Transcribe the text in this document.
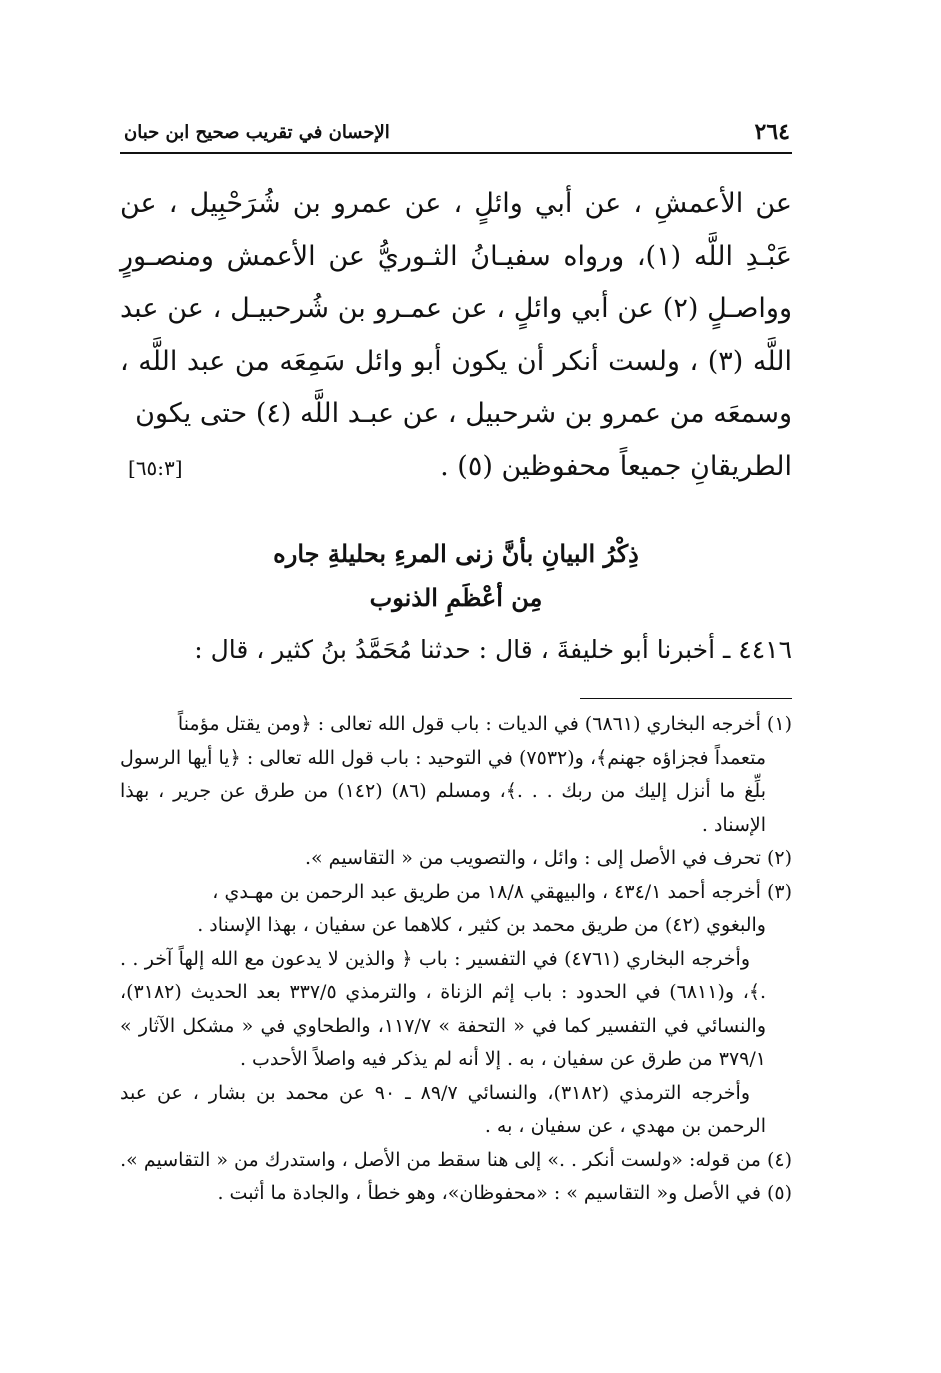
٢٦٤
الإحسان في تقريب صحيح ابن حبان

عن الأعمشِ ، عن أبي وائلٍ ، عن عمرو بن شُرَحْبِيل ، عن عَبْـدِ اللَّه (١)، ورواه سفيـانُ الثـوريُّ عن الأعمش ومنصـورٍ وواصـلٍ (٢) عن أبي وائلٍ ، عن عمـرو بن شُرحبيـل ، عن عبد اللَّه (٣) ، ولست أنكر أن يكون أبو وائل سَمِعَه من عبد اللَّه ، وسمعَه من عمرو بن شرحبيل ، عن عبـد اللَّه (٤) حتى يكون

الطريقانِ جميعاً محفوظين (٥) .
[٦٥:٣]
ذِكْرُ البيانِ بأنَّ زنى المرءِ بحليلةِ جاره
مِن أعْظَمِ الذنوب
٤٤١٦ ـ أخبرنا أبو خليفةَ ، قال : حدثنا مُحَمَّدُ بنُ كثير ، قال :

(١) أخرجه البخاري (٦٨٦١) في الديات : باب قول الله تعالى : ﴿ومن يقتل مؤمناً

متعمداً فجزاؤه جهنم﴾، و(٧٥٣٢) في التوحيد : باب قول الله تعالى : ﴿يا أيها الرسول بلِّغ ما أنزل إليك من ربك . . .﴾، ومسلم (٨٦) (١٤٢) من طرق عن جرير ، بهذا الإسناد .

(٢) تحرف في الأصل إلى : وائل ، والتصويب من « التقاسيم ».

(٣) أخرجه أحمد ٤٣٤/١ ، والبيهقي ١٨/٨ من طريق عبد الرحمن بن مهـدي ،

والبغوي (٤٢) من طريق محمد بن كثير ، كلاهما عن سفيان ، بهذا الإسناد .

وأخرجه البخاري (٤٧٦١) في التفسير : باب ﴿ والذين لا يدعون مع الله إلهاً آخر . . .﴾، و(٦٨١١) في الحدود : باب إثم الزناة ، والترمذي ٣٣٧/٥ بعد الحديث (٣١٨٢)، والنسائي في التفسير كما في « التحفة » ١١٧/٧، والطحاوي في « مشكل الآثار » ٣٧٩/١ من طرق عن سفيان ، به . إلا أنه لم يذكر فيه واصلاً الأحدب .

وأخرجه الترمذي (٣١٨٢)، والنسائي ٨٩/٧ ـ ٩٠ عن محمد بن بشار ، عن عبد الرحمن بن مهدي ، عن سفيان ، به .

(٤) من قوله: «ولست أنكر . .» إلى هنا سقط من الأصل ، واستدرك من « التقاسيم ».

(٥) في الأصل و« التقاسيم » : «محفوظان»، وهو خطأ ، والجادة ما أثبت .
